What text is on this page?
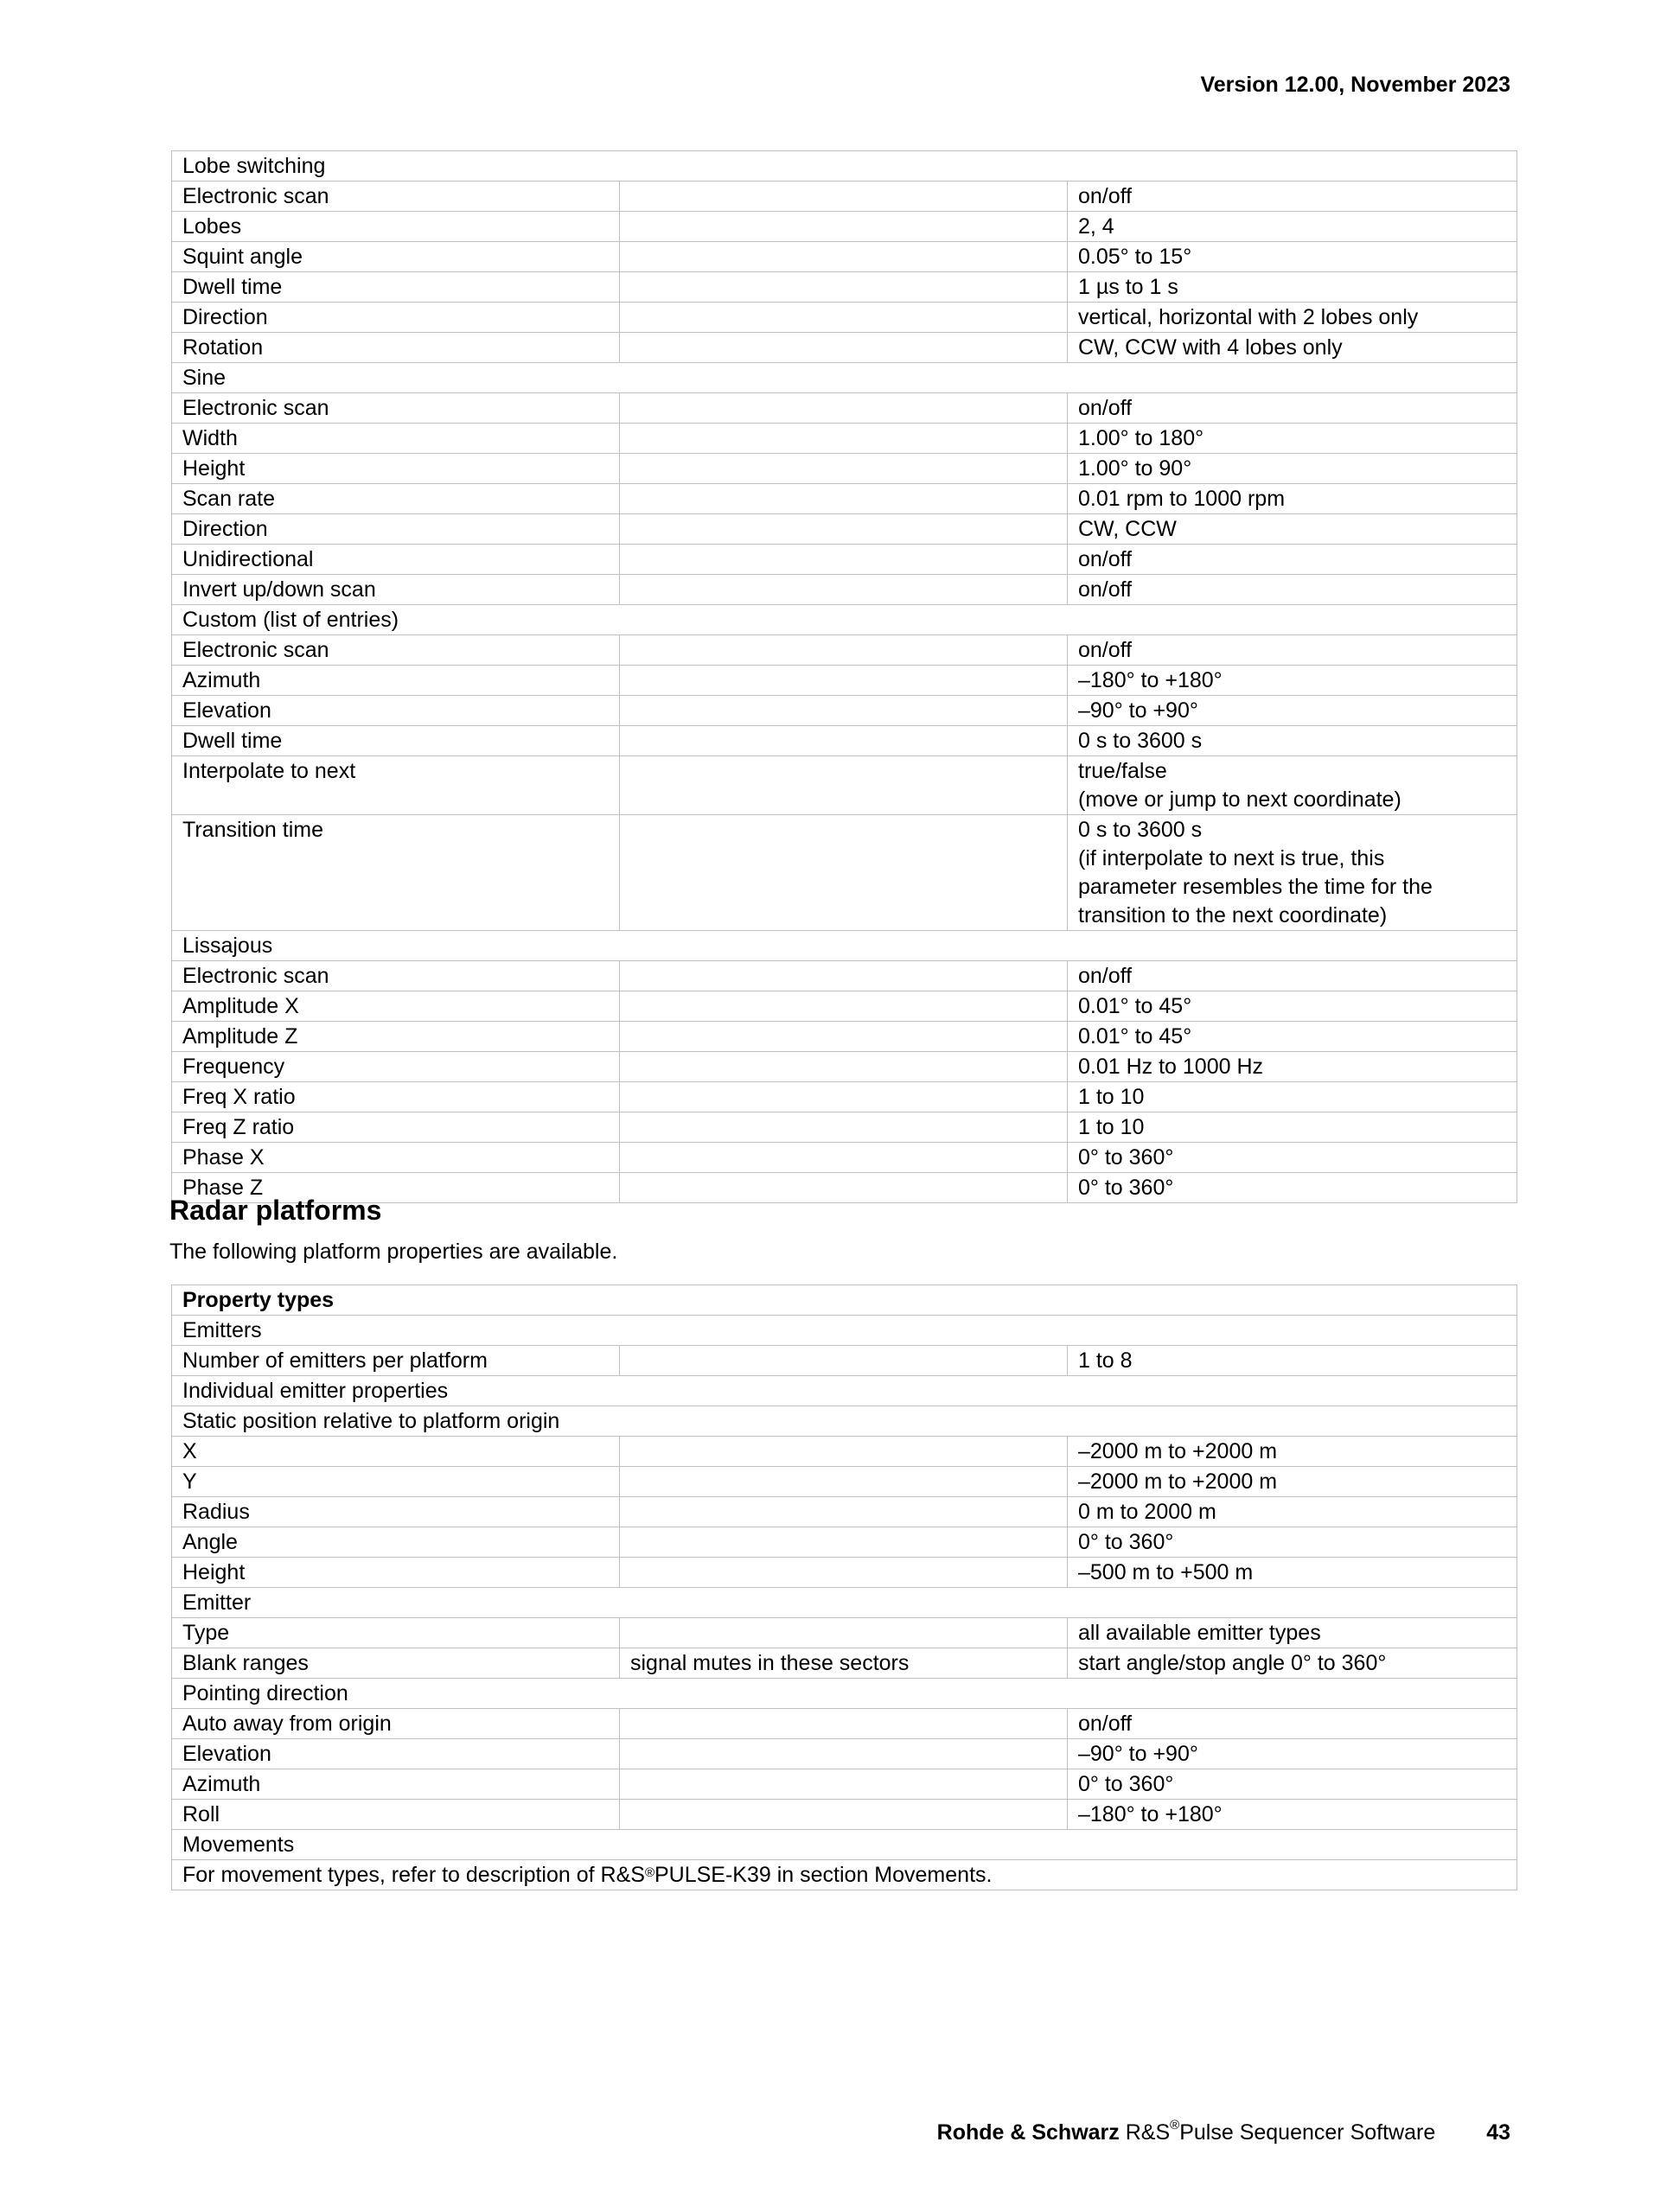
Version 12.00, November 2023
Lobe switching		
Electronic scan		on/off
Lobes		2, 4
Squint angle		0.05° to 15°
Dwell time		1 µs to 1 s
Direction		vertical, horizontal with 2 lobes only
Rotation		CW, CCW with 4 lobes only
Sine		
Electronic scan		on/off
Width		1.00° to 180°
Height		1.00° to 90°
Scan rate		0.01 rpm to 1000 rpm
Direction		CW, CCW
Unidirectional		on/off
Invert up/down scan		on/off
Custom (list of entries)		
Electronic scan		on/off
Azimuth		–180° to +180°
Elevation		–90° to +90°
Dwell time		0 s to 3600 s
Interpolate to next		true/false
(move or jump to next coordinate)

Transition time		0 s to 3600 s
(if interpolate to next is true, this
parameter resembles the time for the
transition to the next coordinate)

Lissajous		
Electronic scan		on/off
Amplitude X		0.01° to 45°
Amplitude Z		0.01° to 45°
Frequency		0.01 Hz to 1000 Hz
Freq X ratio		1 to 10
Freq Z ratio		1 to 10
Phase X		0° to 360°
Phase Z		0° to 360°
Radar platforms
The following platform properties are available.
Property types		
Emitters		
Number of emitters per platform		1 to 8
Individual emitter properties		
Static position relative to platform origin		
X		–2000 m to +2000 m
Y		–2000 m to +2000 m
Radius		0 m to 2000 m
Angle		0° to 360°
Height		–500 m to +500 m
Emitter		
Type		all available emitter types
Blank ranges	signal mutes in these sectors	start angle/stop angle 0° to 360°
Pointing direction		
Auto away from origin		on/off
Elevation		–90° to +90°
Azimuth		0° to 360°
Roll		–180° to +180°
Movements		
For movement types, refer to description of R&S®PULSE-K39 in section Movements.		
Rohde & Schwarz R&S®Pulse Sequencer Software 43
